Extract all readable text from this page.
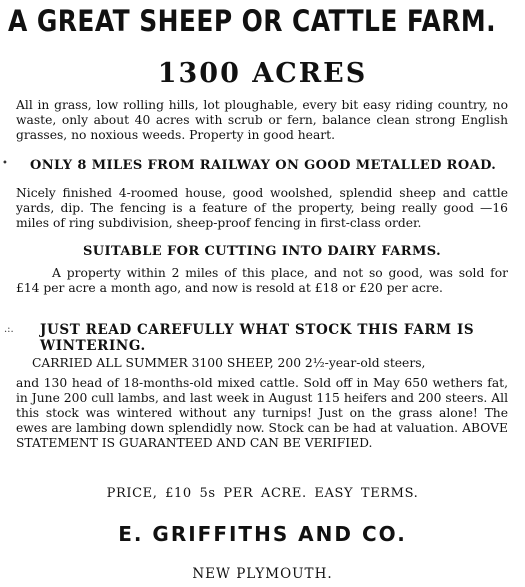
A GREAT SHEEP OR CATTLE FARM.
1300 ACRES
All in grass, low rolling hills, lot ploughable, every bit easy riding country, no waste, only about 40 acres with scrub or fern, balance clean strong English grasses, no noxious weeds. Property in good heart.
• ONLY 8 MILES FROM RAILWAY ON GOOD METALLED ROAD.
Nicely finished 4-roomed house, good woolshed, splendid sheep and cattle yards, dip. The fencing is a feature of the property, being really good —16 miles of ring subdivision, sheep-proof fencing in first-class order.
SUITABLE FOR CUTTING INTO DAIRY FARMS.
A property within 2 miles of this place, and not so good, was sold for £14 per acre a month ago, and now is resold at £18 or £20 per acre.
.:. JUST READ CAREFULLY WHAT STOCK THIS FARM IS
WINTERING.
CARRIED ALL SUMMER 3100 SHEEP, 200 2½-year-old steers,
and 130 head of 18-months-old mixed cattle. Sold off in May 650 wethers fat, in June 200 cull lambs, and last week in August 115 heifers and 200 steers. All this stock was wintered without any turnips! Just on the grass alone! The ewes are lambing down splendidly now. Stock can be had at valuation. ABOVE STATEMENT IS GUARANTEED AND CAN BE VERIFIED.
PRICE, £10 5s PER ACRE. EASY TERMS.
E. GRIFFITHS AND CO.
NEW PLYMOUTH.
